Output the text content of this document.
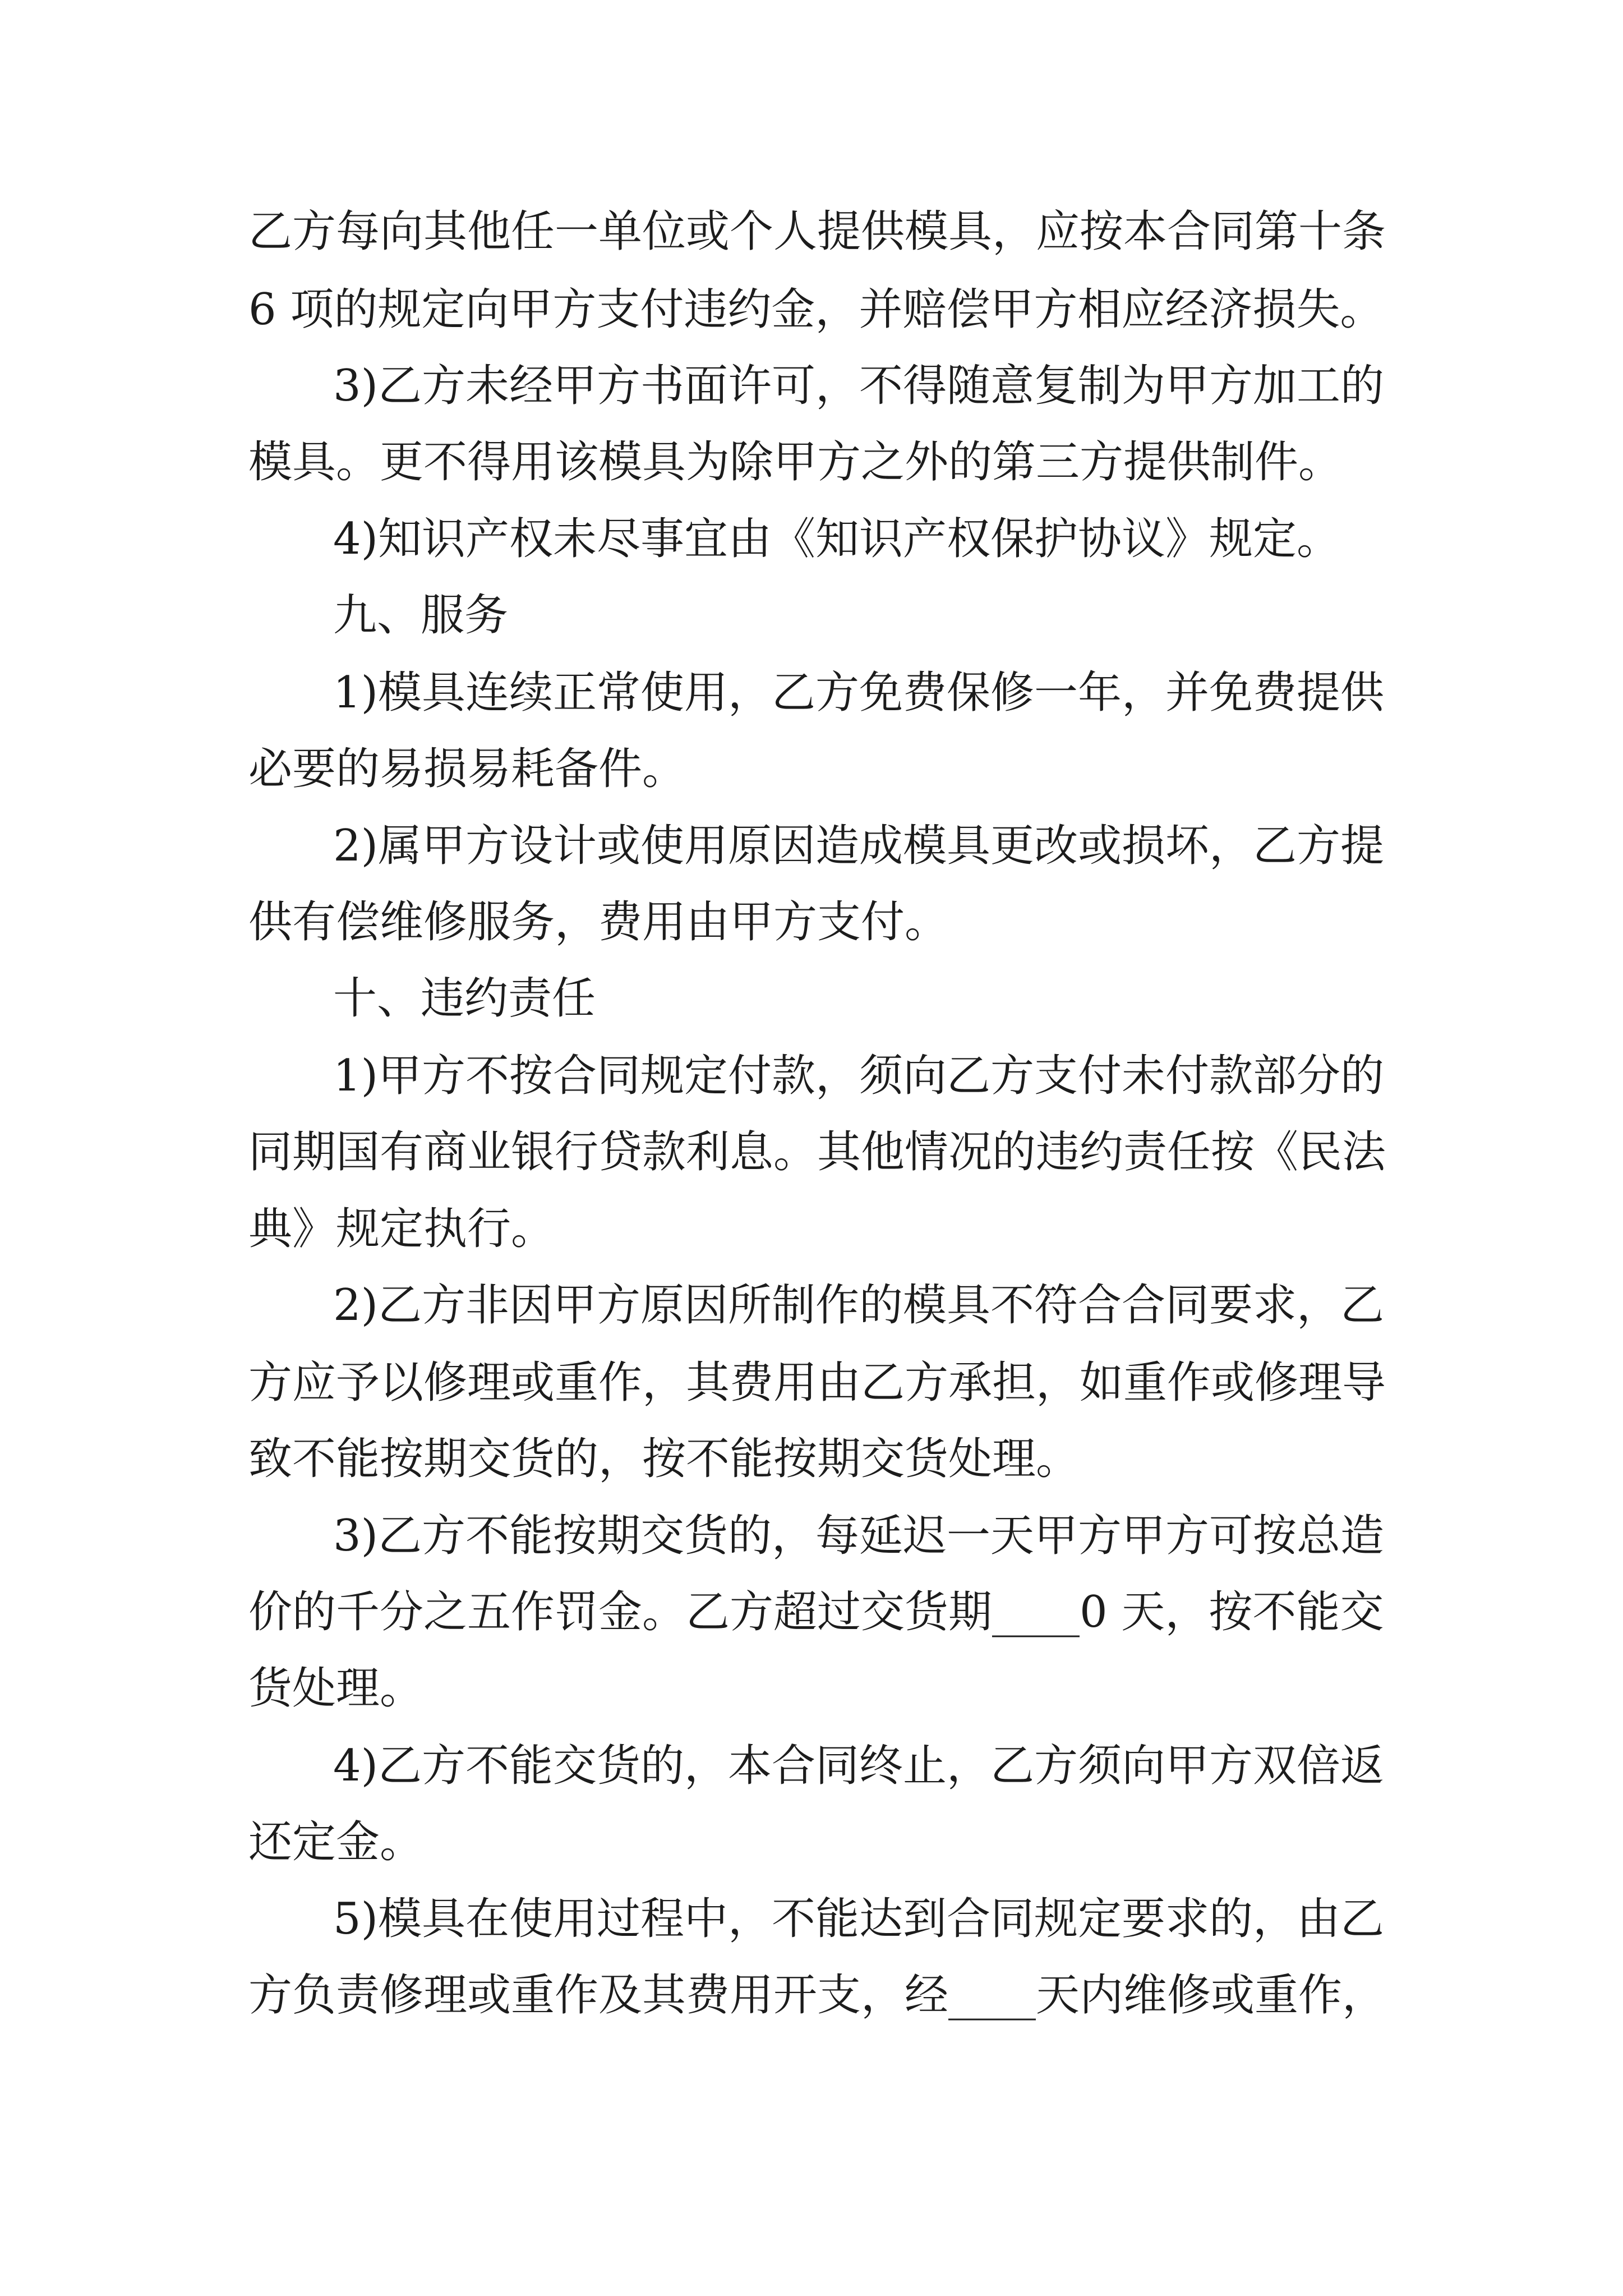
乙方每向其他任一单位或个人提供模具，应按本合同第十条
6 项的规定向甲方支付违约金，并赔偿甲方相应经济损失。
3)乙方未经甲方书面许可，不得随意复制为甲方加工的
模具。更不得用该模具为除甲方之外的第三方提供制件。
4)知识产权未尽事宜由《知识产权保护协议》规定。
九、服务
1)模具连续正常使用，乙方免费保修一年，并免费提供
必要的易损易耗备件。
2)属甲方设计或使用原因造成模具更改或损坏，乙方提
供有偿维修服务，费用由甲方支付。
十、违约责任
1)甲方不按合同规定付款，须向乙方支付未付款部分的
同期国有商业银行贷款利息。其他情况的违约责任按《民法
典》规定执行。
2)乙方非因甲方原因所制作的模具不符合合同要求，乙
方应予以修理或重作，其费用由乙方承担，如重作或修理导
致不能按期交货的，按不能按期交货处理。
3)乙方不能按期交货的，每延迟一天甲方甲方可按总造
价的千分之五作罚金。乙方超过交货期____0 天，按不能交
货处理。
4)乙方不能交货的，本合同终止，乙方须向甲方双倍返
还定金。
5)模具在使用过程中，不能达到合同规定要求的，由乙
方负责修理或重作及其费用开支，经____天内维修或重作，
